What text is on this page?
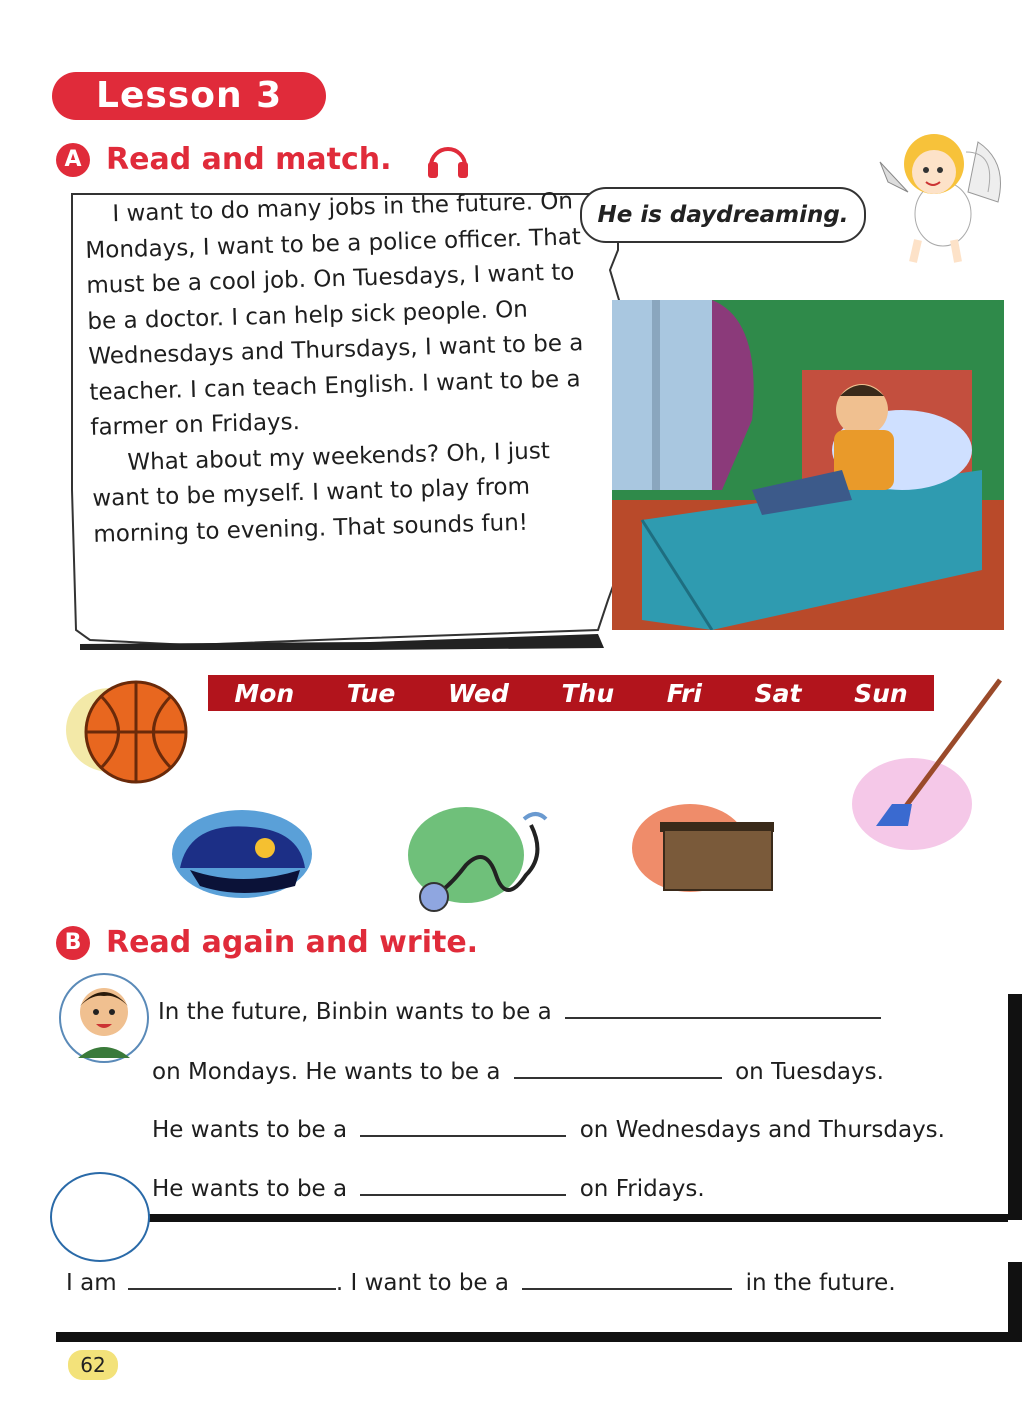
Lesson 3
A Read and match.

I want to do many jobs in the future. On Mondays, I want to be a police officer. That must be a cool job. On Tuesdays, I want to be a doctor. I can help sick people. On Wednesdays and Thursdays, I want to be a teacher. I can teach English. I want to be a farmer on Fridays.

What about my weekends? Oh, I just want to be myself. I want to play from morning to evening. That sounds fun!

He is daydreaming.
Mon Tue Wed Thu Fri Sat Sun
B Read again and write.
In the future, Binbin wants to be a
on Mondays. He wants to be a	on Tuesdays.
He wants to be a	on Wednesdays and Thursdays.
He wants to be a	on Fridays.
I am	. I want to be a	in the future.
62
